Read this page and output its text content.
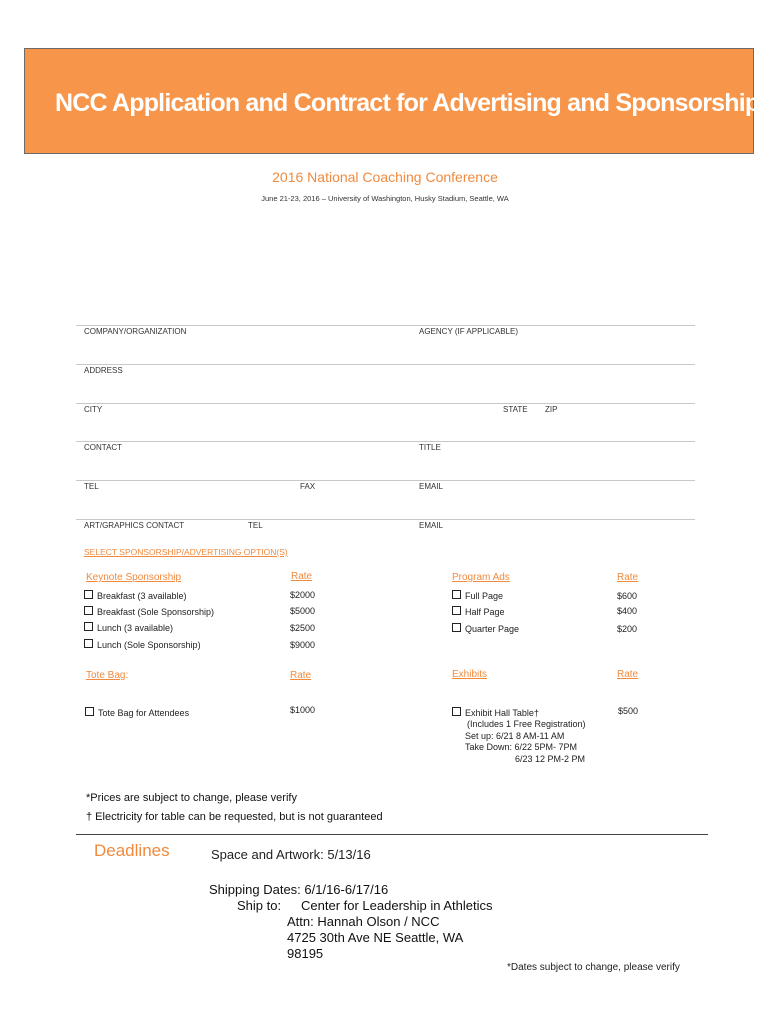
NCC Application and Contract for Advertising and Sponsorship
2016 National Coaching Conference
June 21-23, 2016 – University of Washington, Husky Stadium, Seattle, WA
COMPANY/ORGANIZATION	AGENCY (IF APPLICABLE)
ADDRESS
CITY	STATE ZIP
CONTACT	TITLE
TEL	FAX	EMAIL
ART/GRAPHICS CONTACT	TEL	EMAIL
SELECT SPONSORSHIP/ADVERTISING OPTION(S)
Keynote Sponsorship	Rate
Breakfast (3 available)	$2000
Breakfast (Sole Sponsorship)	$5000
Lunch (3 available)	$2500
Lunch (Sole Sponsorship)	$9000
Program Ads	Rate
Full Page	$600
Half Page	$400
Quarter Page	$200
Tote Bag:	Rate
Tote Bag for Attendees	$1000
Exhibits	Rate
Exhibit Hall Table†	$500
(Includes 1 Free Registration)
Set up: 6/21 8 AM-11 AM
Take Down: 6/22 5PM- 7PM
6/23 12 PM-2 PM
*Prices are subject to change, please verify
† Electricity for table can be requested, but is not guaranteed
Deadlines	Space and Artwork: 5/13/16
Shipping Dates: 6/1/16-6/17/16
Ship to: Center for Leadership in Athletics
Attn: Hannah Olson / NCC
4725 30th Ave NE Seattle, WA
98195
*Dates subject to change, please verify
